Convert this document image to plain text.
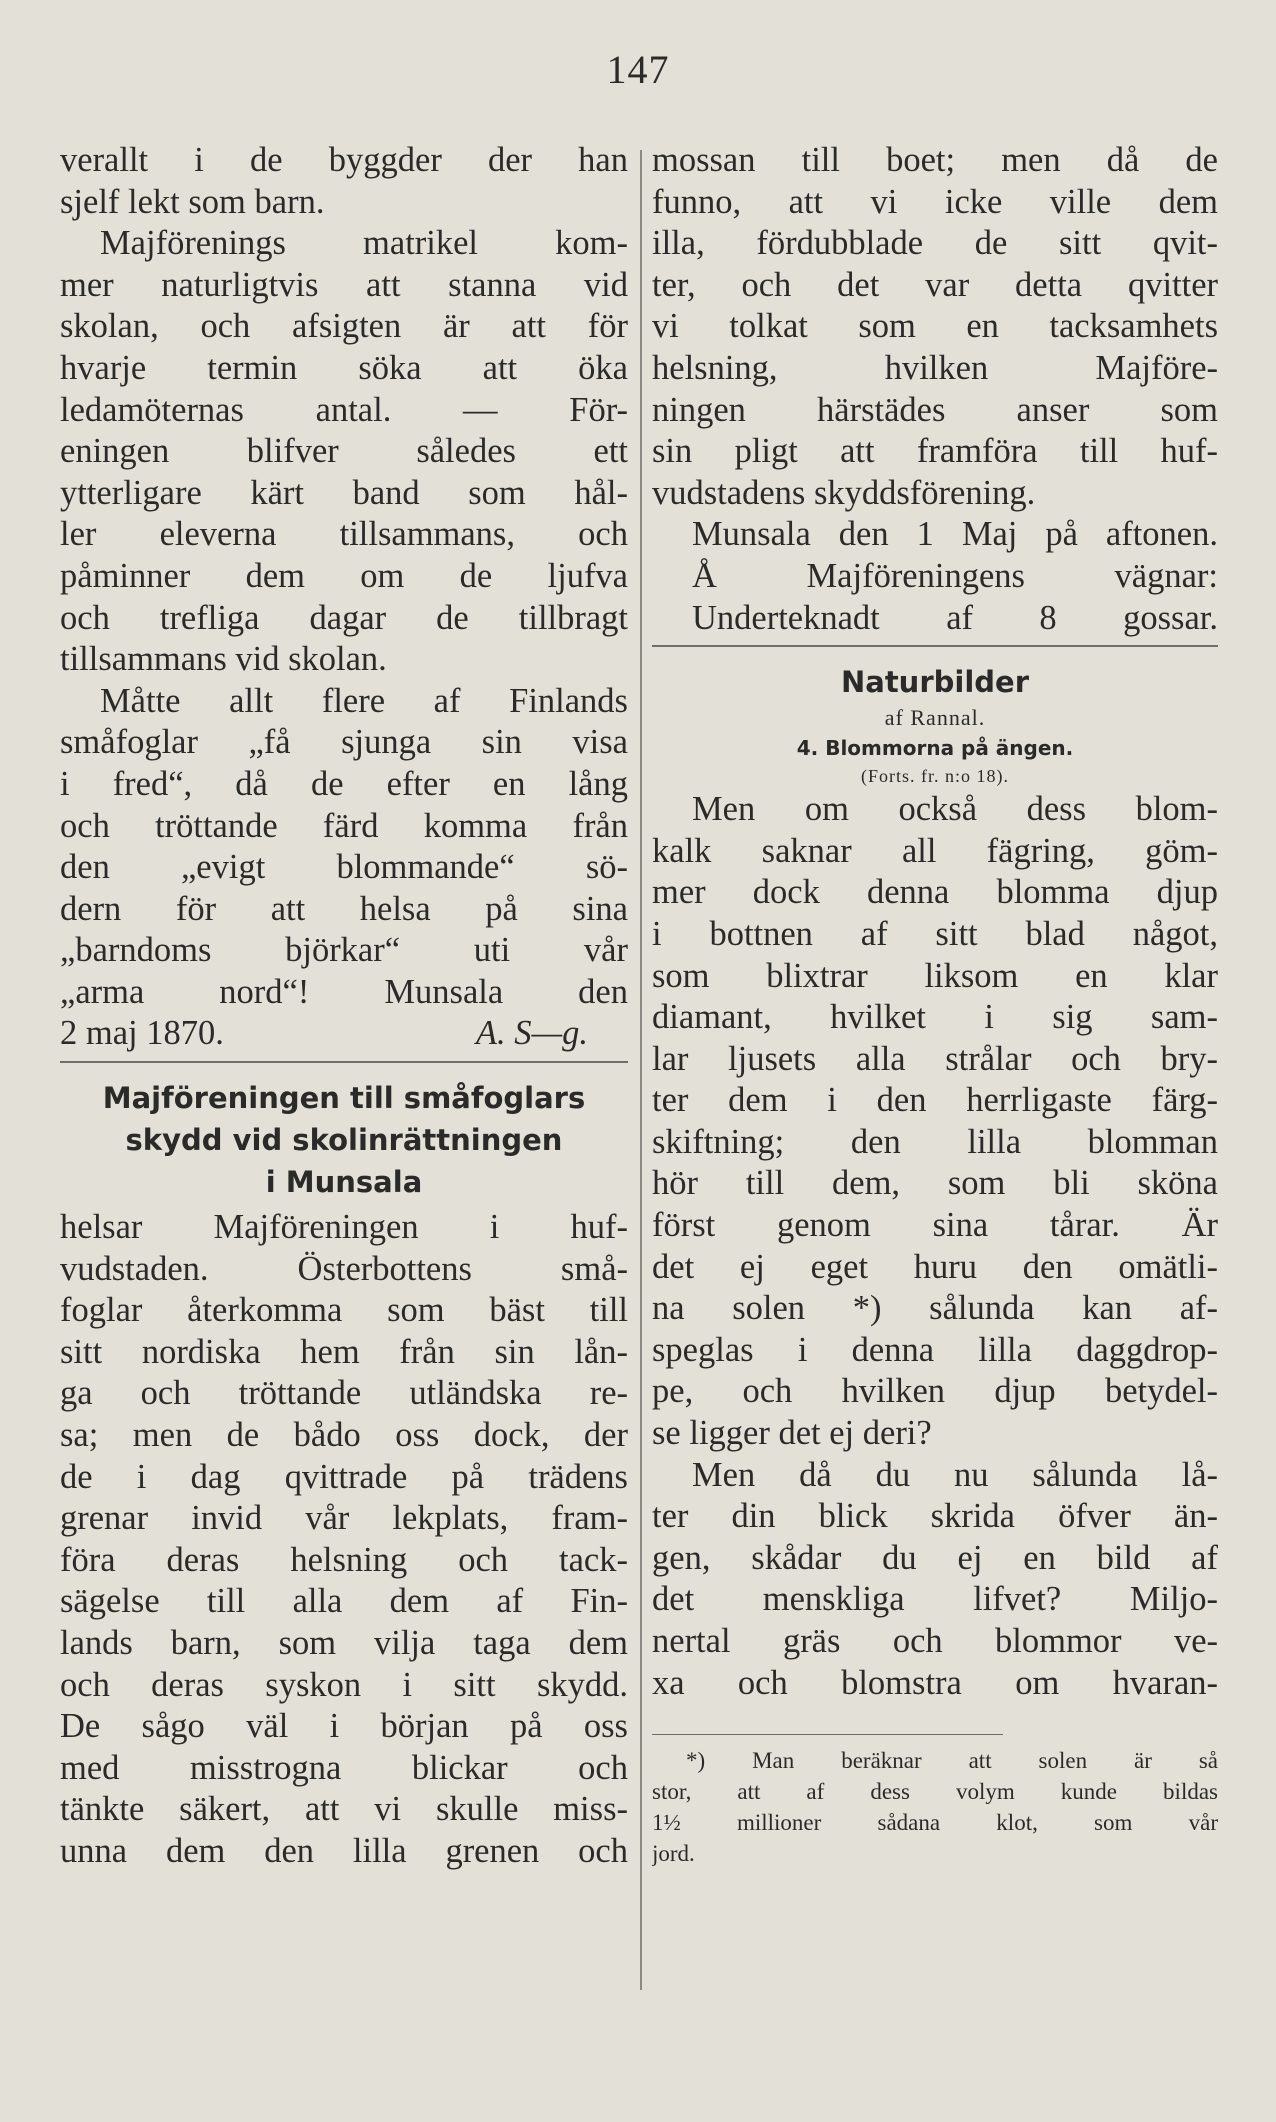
147
verallt i de byggder der han
sjelf lekt som barn.
Majförenings matrikel kom-
mer naturligtvis att stanna vid
skolan, och afsigten är att för
hvarje termin söka att öka
ledamöternas antal. — För-
eningen blifver således ett
ytterligare kärt band som hål-
ler eleverna tillsammans, och
påminner dem om de ljufva
och trefliga dagar de tillbragt
tillsammans vid skolan.
Måtte allt flere af Finlands
småfoglar „få sjunga sin visa
i fred“, då de efter en lång
och tröttande färd komma från
den „evigt blommande“ sö-
dern för att helsa på sina
„barndoms björkar“ uti vår
„arma nord“! Munsala den
2 maj 1870.	A. S—g.
Majföreningen till småfoglars
skydd vid skolinrättningen
i Munsala
helsar Majföreningen i huf-
vudstaden. Österbottens små-
foglar återkomma som bäst till
sitt nordiska hem från sin lån-
ga och tröttande utländska re-
sa; men de bådo oss dock, der
de i dag qvittrade på trädens
grenar invid vår lekplats, fram-
föra deras helsning och tack-
sägelse till alla dem af Fin-
lands barn, som vilja taga dem
och deras syskon i sitt skydd.
De sågo väl i början på oss
med misstrogna blickar och
tänkte säkert, att vi skulle miss-
unna dem den lilla grenen och
mossan till boet; men då de
funno, att vi icke ville dem
illa, fördubblade de sitt qvit-
ter, och det var detta qvitter
vi tolkat som en tacksamhets
helsning, hvilken Majföre-
ningen härstädes anser som
sin pligt att framföra till huf-
vudstadens skyddsförening.
Munsala den 1 Maj på aftonen.
Å Majföreningens vägnar:
Underteknadt af 8 gossar.
Naturbilder
af Rannal.
4. Blommorna på ängen.
(Forts. fr. n:o 18).
Men om också dess blom-
kalk saknar all fägring, göm-
mer dock denna blomma djup
i bottnen af sitt blad något,
som blixtrar liksom en klar
diamant, hvilket i sig sam-
lar ljusets alla strålar och bry-
ter dem i den herrligaste färg-
skiftning; den lilla blomman
hör till dem, som bli sköna
först genom sina tårar. Är
det ej eget huru den omätli-
na solen *) sålunda kan af-
speglas i denna lilla daggdrop-
pe, och hvilken djup betydel-
se ligger det ej deri?
Men då du nu sålunda lå-
ter din blick skrida öfver än-
gen, skådar du ej en bild af
det menskliga lifvet? Miljo-
nertal gräs och blommor ve-
xa och blomstra om hvaran-
*) Man beräknar att solen är så
stor, att af dess volym kunde bildas
1½ millioner sådana klot, som vår
jord.
